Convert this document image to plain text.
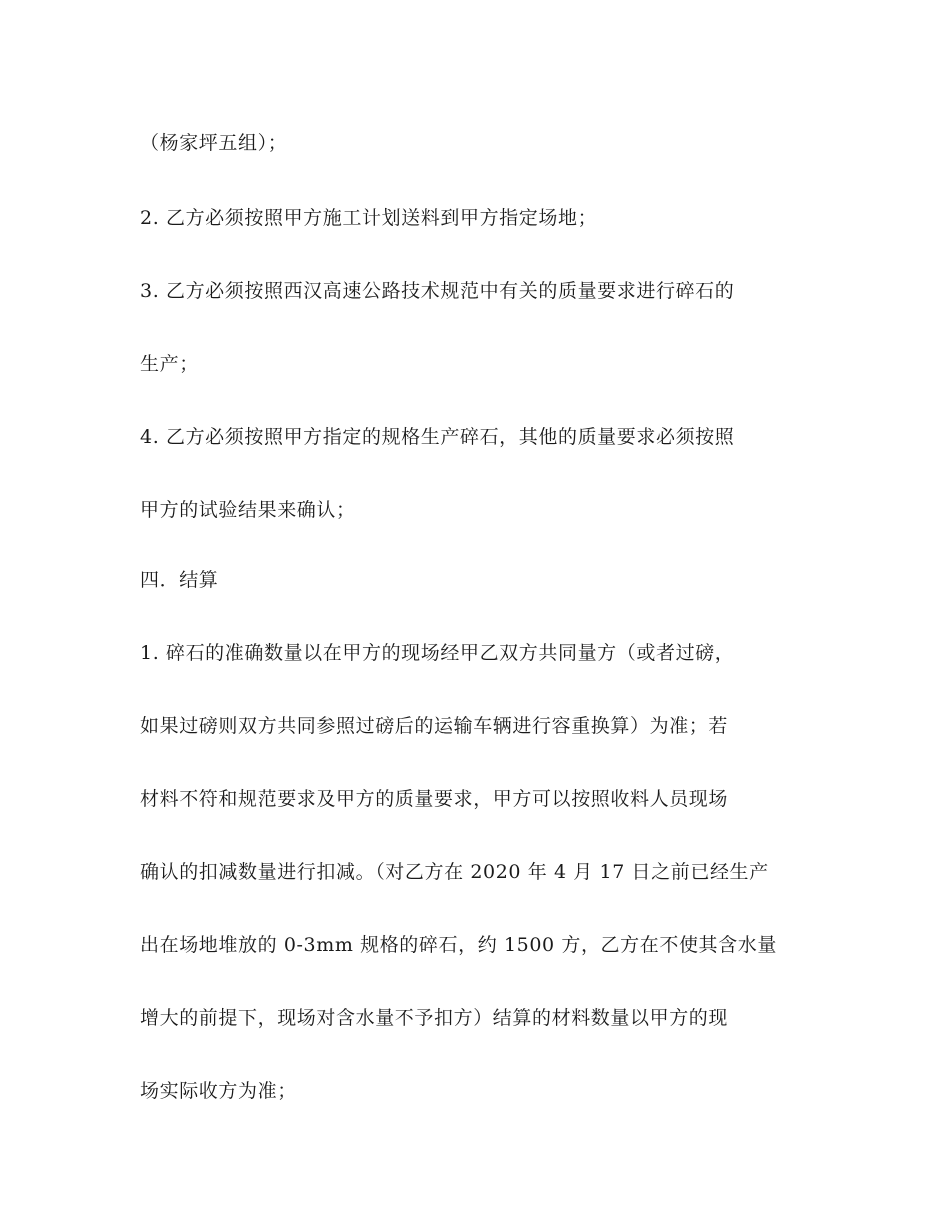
（杨家坪五组）；
2. 乙方必须按照甲方施工计划送料到甲方指定场地；
3. 乙方必须按照西汉高速公路技术规范中有关的质量要求进行碎石的
生产；
4. 乙方必须按照甲方指定的规格生产碎石，其他的质量要求必须按照
甲方的试验结果来确认；
四．结算
1. 碎石的准确数量以在甲方的现场经甲乙双方共同量方（或者过磅，
如果过磅则双方共同参照过磅后的运输车辆进行容重换算）为准；若
材料不符和规范要求及甲方的质量要求，甲方可以按照收料人员现场
确认的扣减数量进行扣减。（对乙方在 2020 年 4 月 17 日之前已经生产
出在场地堆放的 0-3mm 规格的碎石，约 1500 方，乙方在不使其含水量
增大的前提下，现场对含水量不予扣方）结算的材料数量以甲方的现
场实际收方为准；
